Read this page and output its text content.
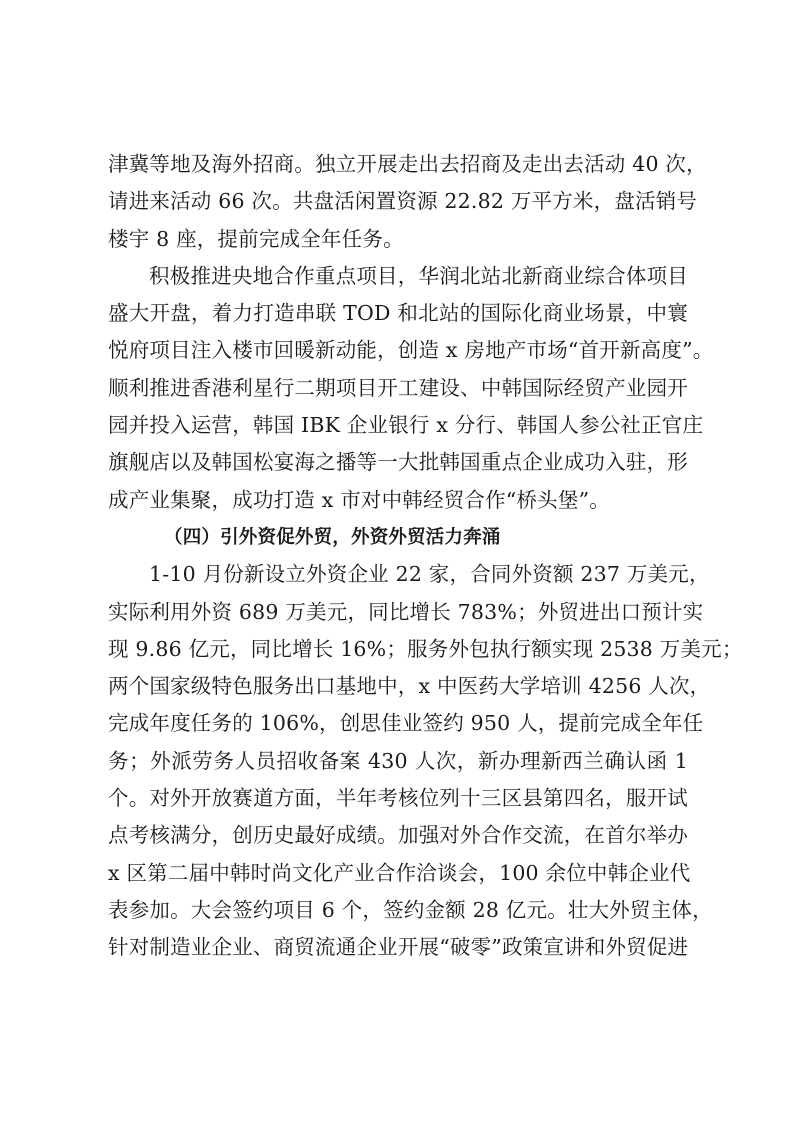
津冀等地及海外招商。独立开展走出去招商及走出去活动 40 次，
请进来活动 66 次。共盘活闲置资源 22.82 万平方米，盘活销号
楼宇 8 座，提前完成全年任务。
积极推进央地合作重点项目，华润北站北新商业综合体项目
盛大开盘，着力打造串联 TOD 和北站的国际化商业场景，中寰
悦府项目注入楼市回暖新动能，创造 x 房地产市场“首开新高度”。
顺利推进香港利星行二期项目开工建设、中韩国际经贸产业园开
园并投入运营，韩国 IBK 企业银行 x 分行、韩国人参公社正官庄
旗舰店以及韩国松宴海之播等一大批韩国重点企业成功入驻，形
成产业集聚，成功打造 x 市对中韩经贸合作“桥头堡”。
（四）引外资促外贸，外资外贸活力奔涌
1-10 月份新设立外资企业 22 家，合同外资额 237 万美元，
实际利用外资 689 万美元，同比增长 783%；外贸进出口预计实
现 9.86 亿元，同比增长 16%；服务外包执行额实现 2538 万美元；
两个国家级特色服务出口基地中，x 中医药大学培训 4256 人次，
完成年度任务的 106%，创思佳业签约 950 人，提前完成全年任
务；外派劳务人员招收备案 430 人次，新办理新西兰确认函 1
个。对外开放赛道方面，半年考核位列十三区县第四名，服开试
点考核满分，创历史最好成绩。加强对外合作交流，在首尔举办
x 区第二届中韩时尚文化产业合作洽谈会，100 余位中韩企业代
表参加。大会签约项目 6 个，签约金额 28 亿元。壮大外贸主体，
针对制造业企业、商贸流通企业开展“破零”政策宣讲和外贸促进
